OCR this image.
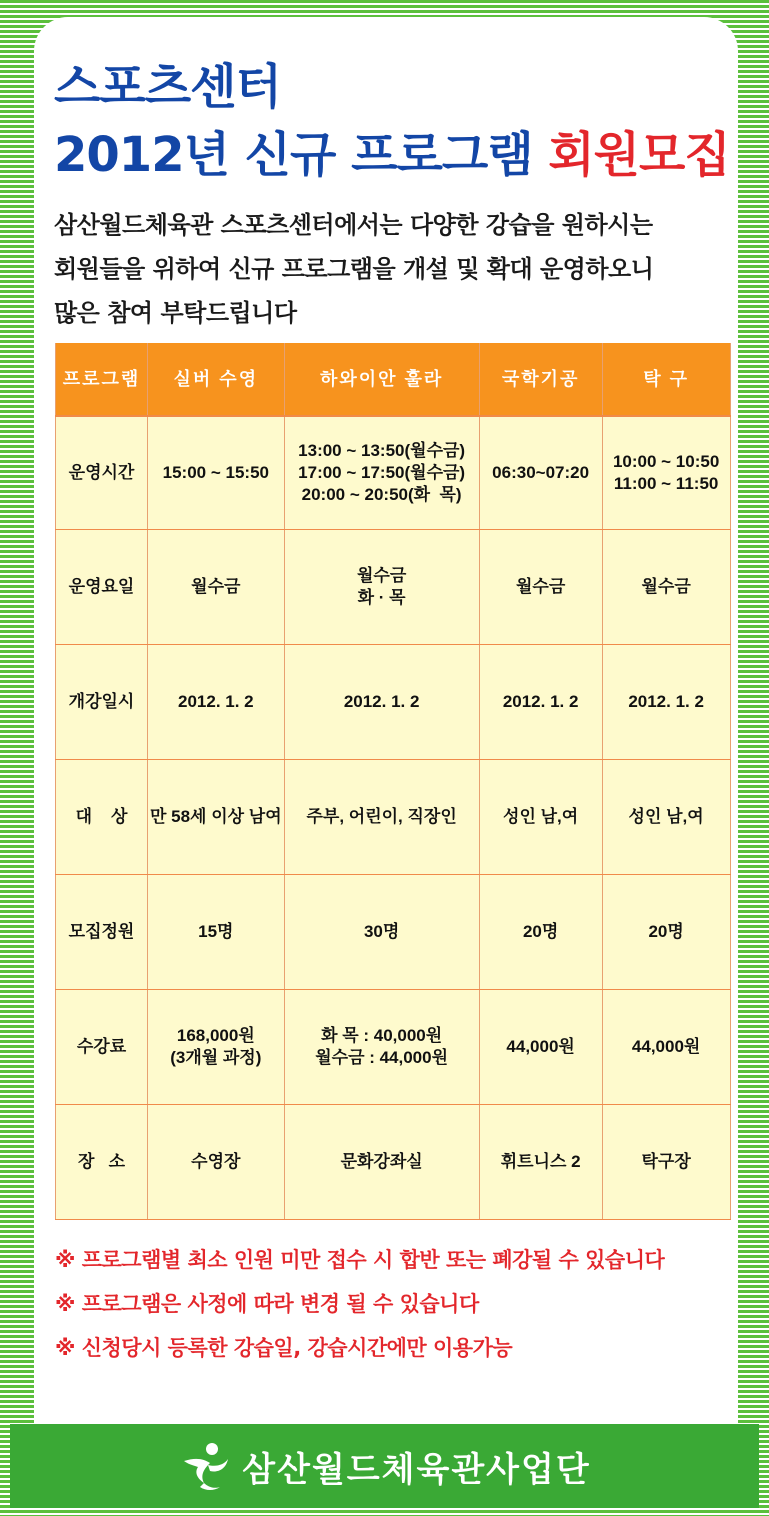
스포츠센터
2012년 신규 프로그램 회원모집

삼산월드체육관 스포츠센터에서는 다양한 강습을 원하시는
회원들을 위하여 신규 프로그램을 개설 및 확대 운영하오니
많은 참여 부탁드립니다

프로그램	실버 수영	하와이안 훌라	국학기공	탁 구
운영시간	15:00 ~ 15:50	13:00 ~ 13:50(월수금)
17:00 ~ 17:50(월수금)
20:00 ~ 20:50(화  목)	06:30~07:20	10:00 ~ 10:50
11:00 ~ 11:50

운영요일	월수금	월수금
화 · 목	월수금	월수금

개강일시	2012. 1. 2	2012. 1. 2	2012. 1. 2	2012. 1. 2

대    상	만 58세 이상 남여	주부, 어린이, 직장인	성인 남,여	성인 남,여

모집정원	15명	30명	20명	20명

수강료	168,000원
(3개월 과정)	화 목 : 40,000원
월수금 : 44,000원	44,000원	44,000원

장   소	수영장	문화강좌실	휘트니스 2	탁구장
※ 프로그램별 최소 인원 미만 접수 시 합반 또는 폐강될 수 있습니다
※ 프로그램은 사정에 따라 변경 될 수 있습니다
※ 신청당시 등록한 강습일, 강습시간에만 이용가능
삼산월드체육관사업단
